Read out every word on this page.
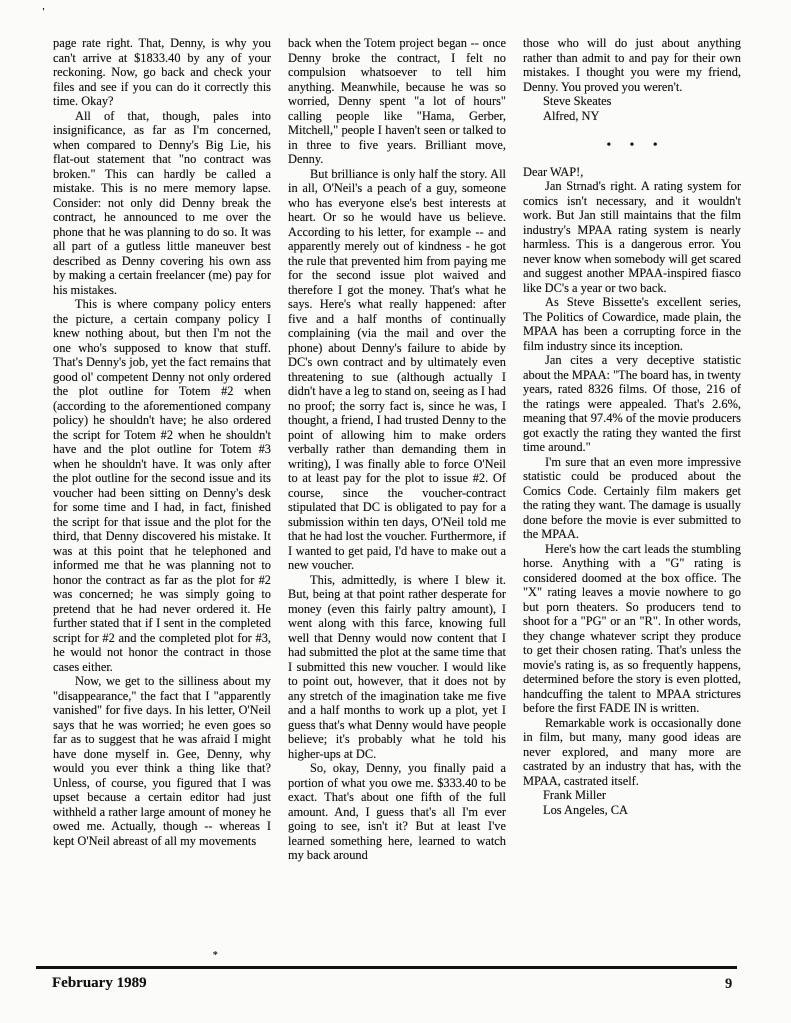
'

page rate right. That, Denny, is why you can't arrive at $1833.40 by any of your reckoning. Now, go back and check your files and see if you can do it correctly this time. Okay?

All of that, though, pales into insignificance, as far as I'm concerned, when compared to Denny's Big Lie, his flat-out statement that "no contract was broken." This can hardly be called a mistake. This is no mere memory lapse. Consider: not only did Denny break the contract, he announced to me over the phone that he was planning to do so. It was all part of a gutless little maneuver best described as Denny covering his own ass by making a certain freelancer (me) pay for his mistakes.

This is where company policy enters the picture, a certain company policy I knew nothing about, but then I'm not the one who's supposed to know that stuff. That's Denny's job, yet the fact remains that good ol' competent Denny not only ordered the plot outline for Totem #2 when (according to the aforementioned company policy) he shouldn't have; he also ordered the script for Totem #2 when he shouldn't have and the plot outline for Totem #3 when he shouldn't have. It was only after the plot outline for the second issue and its voucher had been sitting on Denny's desk for some time and I had, in fact, finished the script for that issue and the plot for the third, that Denny discovered his mistake. It was at this point that he telephoned and informed me that he was planning not to honor the contract as far as the plot for #2 was concerned; he was simply going to pretend that he had never ordered it. He further stated that if I sent in the completed script for #2 and the completed plot for #3, he would not honor the contract in those cases either.

Now, we get to the silliness about my "disappearance," the fact that I "apparently vanished" for five days. In his letter, O'Neil says that he was worried; he even goes so far as to suggest that he was afraid I might have done myself in. Gee, Denny, why would you ever think a thing like that? Unless, of course, you figured that I was upset because a certain editor had just withheld a rather large amount of money he owed me. Actually, though -- whereas I kept O'Neil abreast of all my movements

back when the Totem project began -- once Denny broke the contract, I felt no compulsion whatsoever to tell him anything. Meanwhile, because he was so worried, Denny spent "a lot of hours" calling people like "Hama, Gerber, Mitchell," people I haven't seen or talked to in three to five years. Brilliant move, Denny.

But brilliance is only half the story. All in all, O'Neil's a peach of a guy, someone who has everyone else's best interests at heart. Or so he would have us believe. According to his letter, for example -- and apparently merely out of kindness - he got the rule that prevented him from paying me for the second issue plot waived and therefore I got the money. That's what he says. Here's what really happened: after five and a half months of continually complaining (via the mail and over the phone) about Denny's failure to abide by DC's own contract and by ultimately even threatening to sue (although actually I didn't have a leg to stand on, seeing as I had no proof; the sorry fact is, since he was, I thought, a friend, I had trusted Denny to the point of allowing him to make orders verbally rather than demanding them in writing), I was finally able to force O'Neil to at least pay for the plot to issue #2. Of course, since the voucher-contract stipulated that DC is obligated to pay for a submission within ten days, O'Neil told me that he had lost the voucher. Furthermore, if I wanted to get paid, I'd have to make out a new voucher.

This, admittedly, is where I blew it. But, being at that point rather desperate for money (even this fairly paltry amount), I went along with this farce, knowing full well that Denny would now content that I had submitted the plot at the same time that I submitted this new voucher. I would like to point out, however, that it does not by any stretch of the imagination take me five and a half months to work up a plot, yet I guess that's what Denny would have people believe; it's probably what he told his higher-ups at DC.

So, okay, Denny, you finally paid a portion of what you owe me. $333.40 to be exact. That's about one fifth of the full amount. And, I guess that's all I'm ever going to see, isn't it? But at least I've learned something here, learned to watch my back around

those who will do just about anything rather than admit to and pay for their own mistakes. I thought you were my friend, Denny. You proved you weren't.

Steve Skeates

Alfred, NY

• • •

Dear WAP!,

Jan Strnad's right. A rating system for comics isn't necessary, and it wouldn't work. But Jan still maintains that the film industry's MPAA rating system is nearly harmless. This is a dangerous error. You never know when somebody will get scared and suggest another MPAA-inspired fiasco like DC's a year or two back.

As Steve Bissette's excellent series, The Politics of Cowardice, made plain, the MPAA has been a corrupting force in the film industry since its inception.

Jan cites a very deceptive statistic about the MPAA: "The board has, in twenty years, rated 8326 films. Of those, 216 of the ratings were appealed. That's 2.6%, meaning that 97.4% of the movie producers got exactly the rating they wanted the first time around."

I'm sure that an even more impressive statistic could be produced about the Comics Code. Certainly film makers get the rating they want. The damage is usually done before the movie is ever submitted to the MPAA.

Here's how the cart leads the stumbling horse. Anything with a "G" rating is considered doomed at the box office. The "X" rating leaves a movie nowhere to go but porn theaters. So producers tend to shoot for a "PG" or an "R". In other words, they change whatever script they produce to get their chosen rating. That's unless the movie's rating is, as so frequently happens, determined before the story is even plotted, handcuffing the talent to MPAA strictures before the first FADE IN is written.

Remarkable work is occasionally done in film, but many, many good ideas are never explored, and many more are castrated by an industry that has, with the MPAA, castrated itself.

Frank Miller

Los Angeles, CA

*
February 1989	9
